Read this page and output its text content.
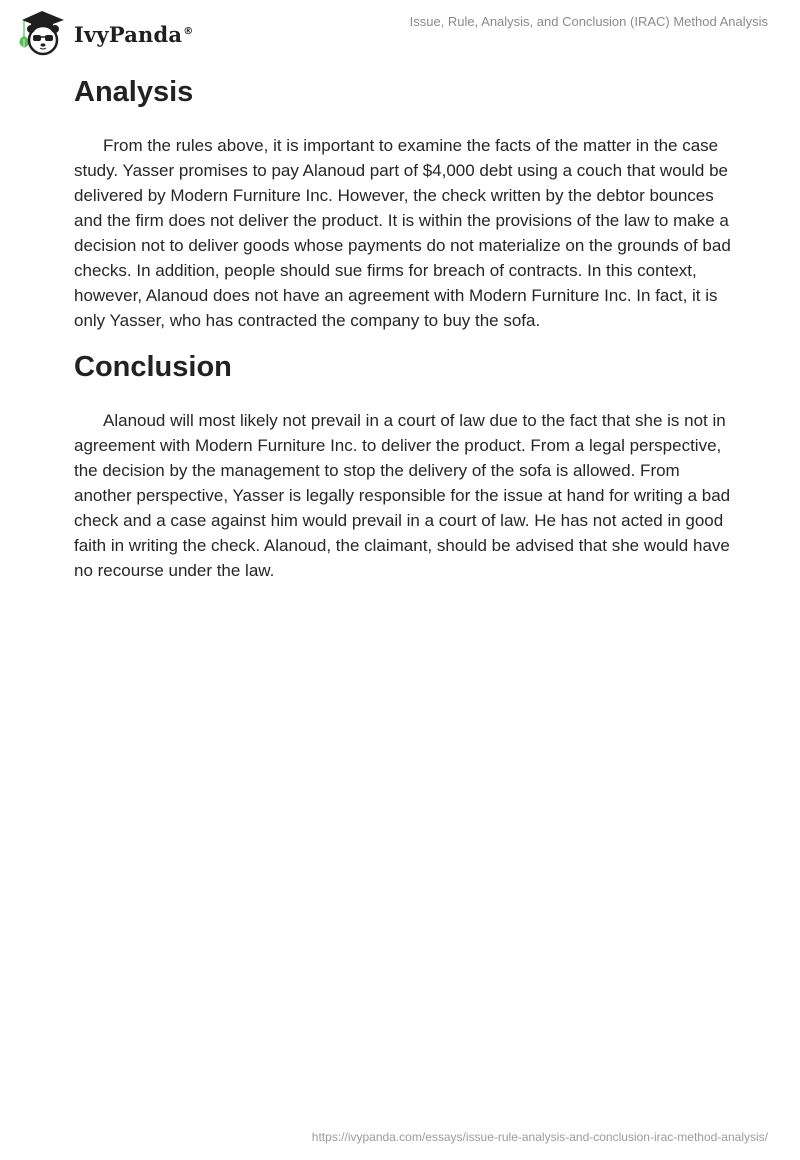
IvyPanda®
Issue, Rule, Analysis, and Conclusion (IRAC) Method Analysis
Analysis

From the rules above, it is important to examine the facts of the matter in the case study. Yasser promises to pay Alanoud part of $4,000 debt using a couch that would be delivered by Modern Furniture Inc. However, the check written by the debtor bounces and the firm does not deliver the product. It is within the provisions of the law to make a decision not to deliver goods whose payments do not materialize on the grounds of bad checks. In addition, people should sue firms for breach of contracts. In this context, however, Alanoud does not have an agreement with Modern Furniture Inc. In fact, it is only Yasser, who has contracted the company to buy the sofa.

Conclusion

Alanoud will most likely not prevail in a court of law due to the fact that she is not in agreement with Modern Furniture Inc. to deliver the product. From a legal perspective, the decision by the management to stop the delivery of the sofa is allowed. From another perspective, Yasser is legally responsible for the issue at hand for writing a bad check and a case against him would prevail in a court of law. He has not acted in good faith in writing the check. Alanoud, the claimant, should be advised that she would have no recourse under the law.

https://ivypanda.com/essays/issue-rule-analysis-and-conclusion-irac-method-analysis/
